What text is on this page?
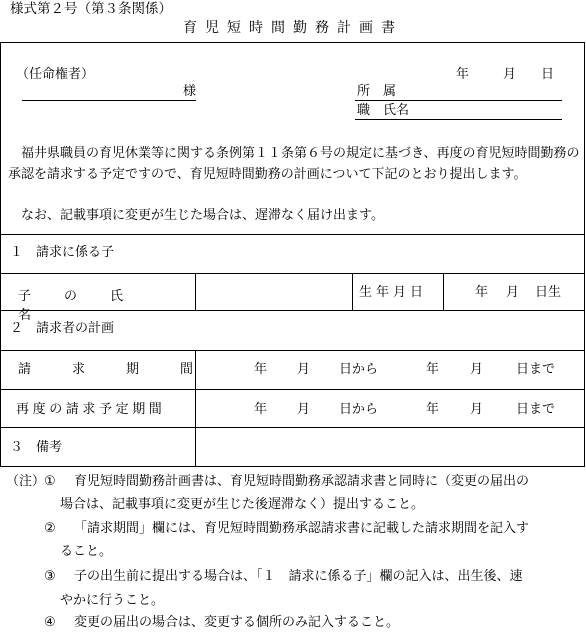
様式第２号（第３条関係）
育児短時間勤務計画書
（任命権者）	年	月 日
様	所　属
職　氏名
福井県職員の育児休業等に関する条例第１１条第６号の規定に基づき、再度の育児短時間勤務の承認を請求する予定ですので、育児短時間勤務の計画について下記のとおり提出します。
なお、記載事項に変更が生じた場合は、遅滞なく届け出ます。
１　請求に係る子
子の氏名
生年月日	年 月 日生
２　請求者の計画
請求期間 年 月 日から	年 月	日まで
再度の請求予定期間	年 月 日から	年 月	日まで
３　備考
（注）
① 育児短時間勤務計画書は、育児短時間勤務承認請求書と同時に（変更の届出の
場合は、記載事項に変更が生じた後遅滞なく）提出すること。
② 「請求期間」欄には、育児短時間勤務承認請求書に記載した請求期間を記入す
ること。
③ 子の出生前に提出する場合は、「１　請求に係る子」欄の記入は、出生後、速
やかに行うこと。
④ 変更の届出の場合は、変更する個所のみ記入すること。
